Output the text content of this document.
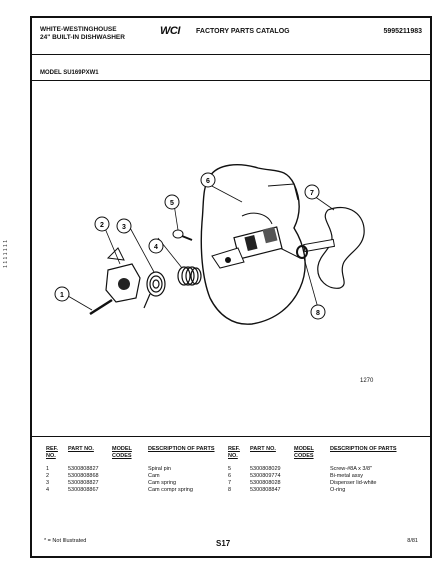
1 1 1 1 1 1 1
WHITE-WESTINGHOUSE
24" BUILT-IN DISHWASHER
WCI FACTORY PARTS CATALOG	5995211983
MODEL SU169PXW1
6
5
4
3
2
1
7
8
1270
REF. NO.
PART NO.	MODEL CODES
DESCRIPTION OF PARTS
1	5300808827	Spiral pin
2	5300808868	Cam
3	5300808827	Cam spring
4	5300808867	Cam compr spring
REF. NO.
PART NO.	MODEL CODES
DESCRIPTION OF PARTS
5	5300808029	Screw-#8A x 3/8"
6	5300809774	Bi-metal assy
7	5300808028	Dispenser lid-white
8	5300808847	O-ring
* = Not Illustrated	S17	8/81
